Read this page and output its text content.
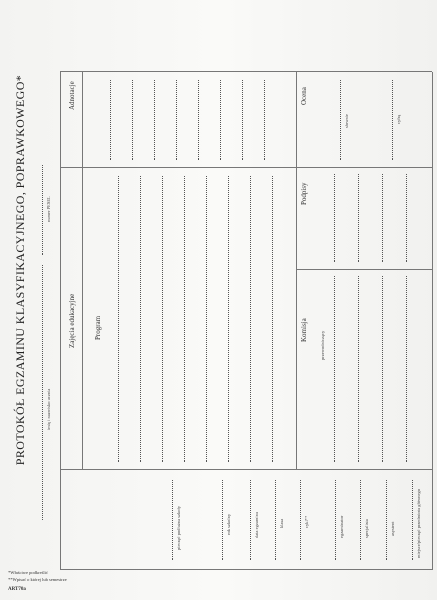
PROTOKÓŁ EGZAMINU KLASYFIKACYJNEGO, POPRAWKOWEGO*	imię i nazwisko ucznia
numer PESEL
pieczęć podłużna szkoły	rok szkolny	data egzaminu	klasa	cykl**	egzaminator	specjalista	asystent	miejsce/pieczęć przedmiotu głównego
Zajęcia edukacyjne
Adnotacje
Program	Komisja
Podpisy
Ocena
przewodniczący
słownie	cyfrą
*Właściwe podkreślić
**Wpisać o której lub semestrze
ART70a
